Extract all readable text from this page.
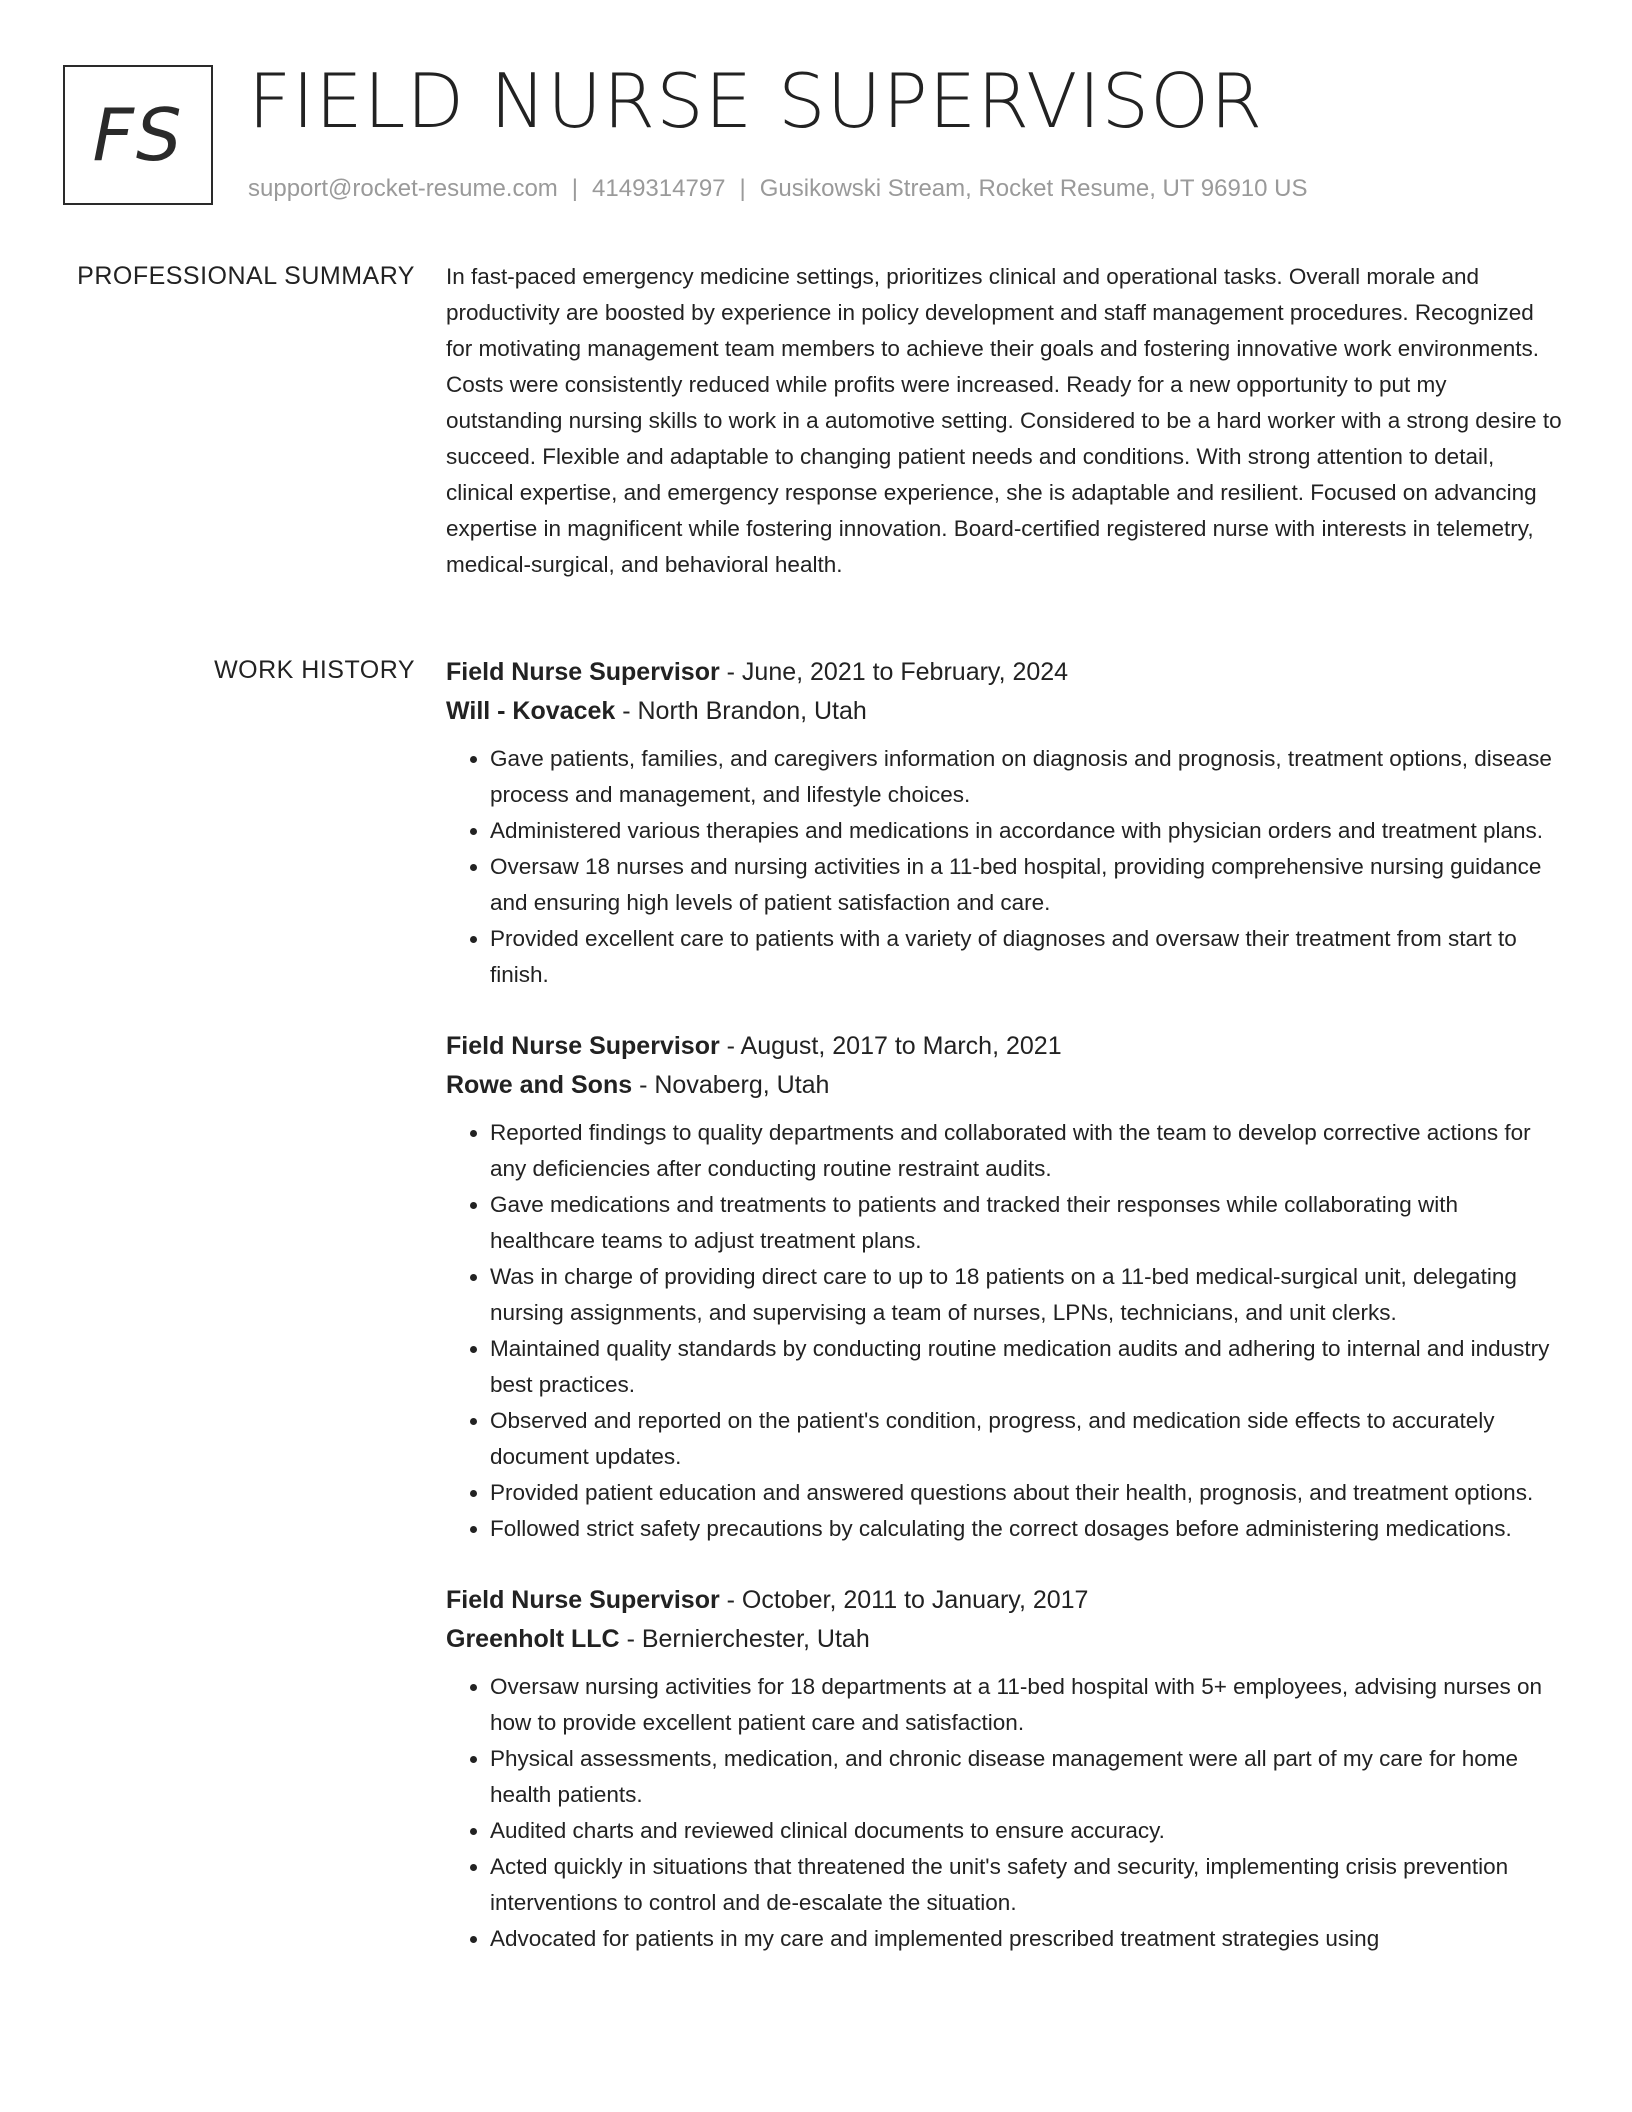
FS FIELD NURSE SUPERVISOR
support@rocket-resume.com | 4149314797 | Gusikowski Stream, Rocket Resume, UT 96910 US
PROFESSIONAL SUMMARY In fast-paced emergency medicine settings, prioritizes clinical and operational tasks. Overall morale and productivity are boosted by experience in policy development and staff management procedures. Recognized for motivating management team members to achieve their goals and fostering innovative work environments. Costs were consistently reduced while profits were increased. Ready for a new opportunity to put my outstanding nursing skills to work in a automotive setting. Considered to be a hard worker with a strong desire to succeed. Flexible and adaptable to changing patient needs and conditions. With strong attention to detail, clinical expertise, and emergency response experience, she is adaptable and resilient. Focused on advancing expertise in magnificent while fostering innovation. Board-certified registered nurse with interests in telemetry, medical-surgical, and behavioral health.

WORK HISTORY Field Nurse Supervisor - June, 2021 to February, 2024

Will - Kovacek - North Brandon, Utah

• Gave patients, families, and caregivers information on diagnosis and prognosis, treatment options, disease process and management, and lifestyle choices.
• Administered various therapies and medications in accordance with physician orders and treatment plans.
• Oversaw 18 nurses and nursing activities in a 11-bed hospital, providing comprehensive nursing guidance and ensuring high levels of patient satisfaction and care.
• Provided excellent care to patients with a variety of diagnoses and oversaw their treatment from start to finish.

Field Nurse Supervisor - August, 2017 to March, 2021

Rowe and Sons - Novaberg, Utah

• Reported findings to quality departments and collaborated with the team to develop corrective actions for any deficiencies after conducting routine restraint audits.
• Gave medications and treatments to patients and tracked their responses while collaborating with healthcare teams to adjust treatment plans.
• Was in charge of providing direct care to up to 18 patients on a 11-bed medical-surgical unit, delegating nursing assignments, and supervising a team of nurses, LPNs, technicians, and unit clerks.
• Maintained quality standards by conducting routine medication audits and adhering to internal and industry best practices.
• Observed and reported on the patient's condition, progress, and medication side effects to accurately document updates.
• Provided patient education and answered questions about their health, prognosis, and treatment options.
• Followed strict safety precautions by calculating the correct dosages before administering medications.

Field Nurse Supervisor - October, 2011 to January, 2017

Greenholt LLC - Bernierchester, Utah

• Oversaw nursing activities for 18 departments at a 11-bed hospital with 5+ employees, advising nurses on how to provide excellent patient care and satisfaction.
• Physical assessments, medication, and chronic disease management were all part of my care for home health patients.
• Audited charts and reviewed clinical documents to ensure accuracy.
• Acted quickly in situations that threatened the unit's safety and security, implementing crisis prevention interventions to control and de-escalate the situation.
• Advocated for patients in my care and implemented prescribed treatment strategies using
